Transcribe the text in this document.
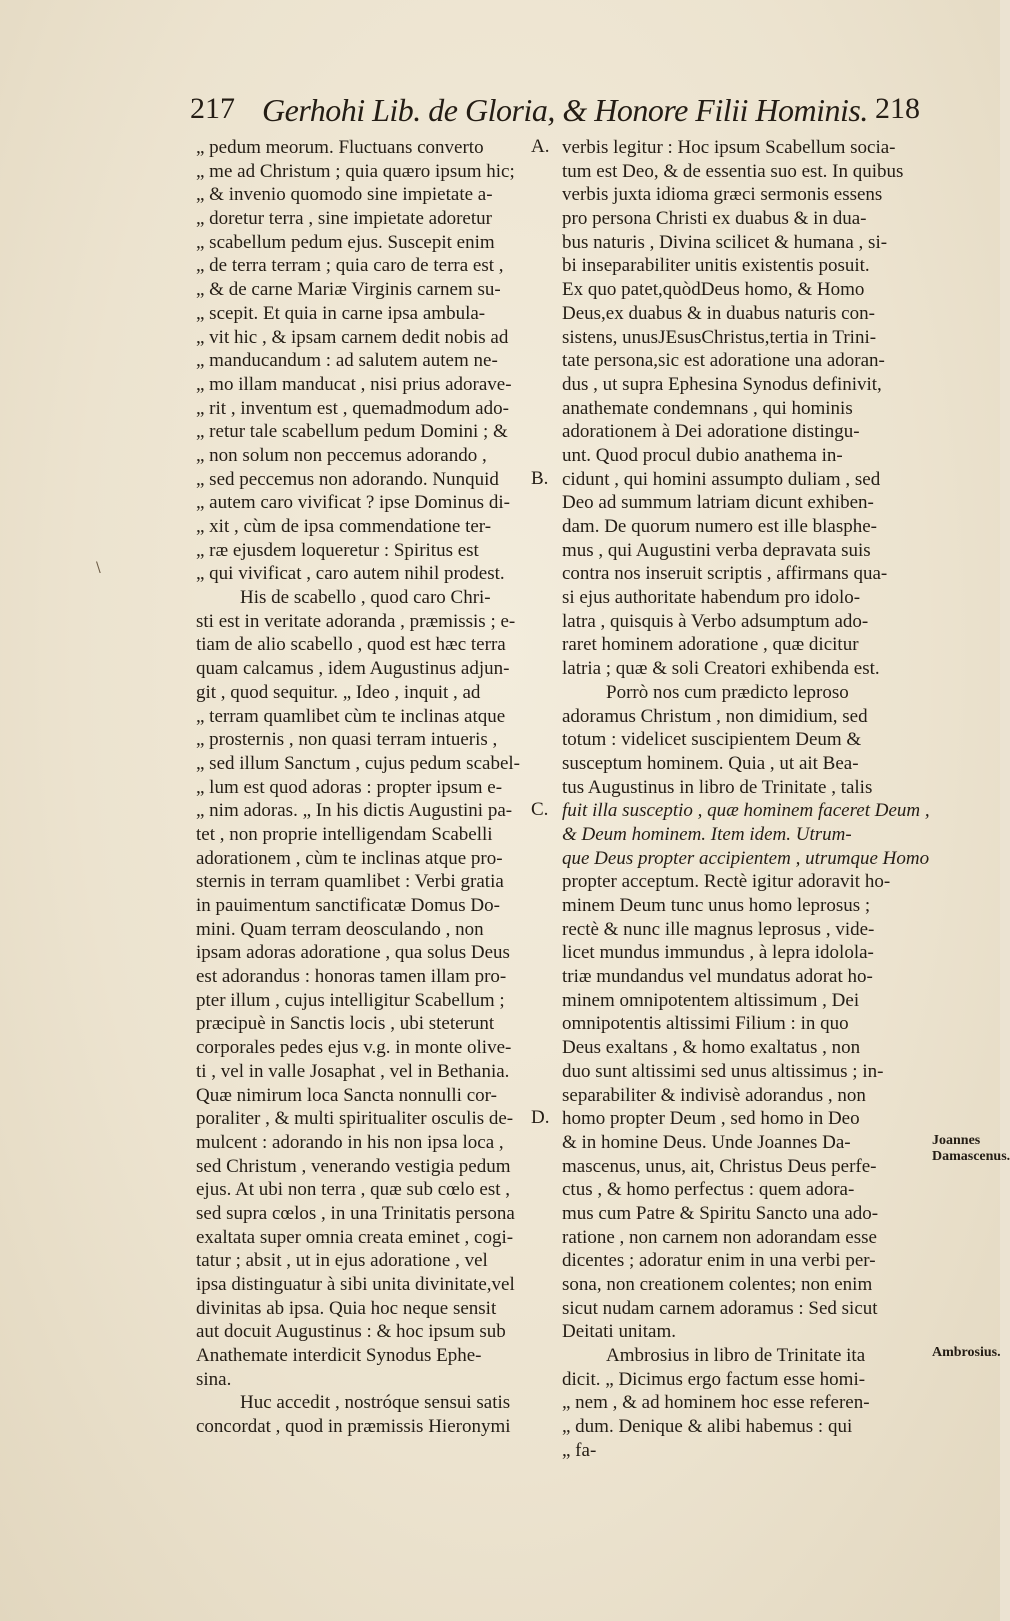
217 Gerhohi Lib. de Gloria, & Honore Filii Hominis. 218
„ pedum meorum. Fluctuans converto
„ me ad Christum ; quia quæro ipsum hic;
„ & invenio quomodo sine impietate a-
„ doretur terra , sine impietate adoretur
„ scabellum pedum ejus. Suscepit enim
„ de terra terram ; quia caro de terra est ,
„ & de carne Mariæ Virginis carnem su-
„ scepit. Et quia in carne ipsa ambula-
„ vit hic , & ipsam carnem dedit nobis ad
„ manducandum : ad salutem autem ne-
„ mo illam manducat , nisi prius adorave-
„ rit , inventum est , quemadmodum ado-
„ retur tale scabellum pedum Domini ; &
„ non solum non peccemus adorando ,
„ sed peccemus non adorando. Nunquid
„ autem caro vivificat ? ipse Dominus di-
„ xit , cùm de ipsa commendatione ter-
„ ræ ejusdem loqueretur : Spiritus est
„ qui vivificat , caro autem nihil prodest.
His de scabello , quod caro Chri-
sti est in veritate adoranda , præmissis ; e-
tiam de alio scabello , quod est hæc terra
quam calcamus , idem Augustinus adjun-
git , quod sequitur. „ Ideo , inquit , ad
„ terram quamlibet cùm te inclinas atque
„ prosternis , non quasi terram intueris ,
„ sed illum Sanctum , cujus pedum scabel-
„ lum est quod adoras : propter ipsum e-
„ nim adoras. „ In his dictis Augustini pa-
tet , non proprie intelligendam Scabelli
adorationem , cùm te inclinas atque pro-
sternis in terram quamlibet : Verbi gratia
in pauimentum sanctificatæ Domus Do-
mini. Quam terram deosculando , non
ipsam adoras adoratione , qua solus Deus
est adorandus : honoras tamen illam pro-
pter illum , cujus intelligitur Scabellum ;
præcipuè in Sanctis locis , ubi steterunt
corporales pedes ejus v.g. in monte olive-
ti , vel in valle Josaphat , vel in Bethania.
Quæ nimirum loca Sancta nonnulli cor-
poraliter , & multi spiritualiter osculis de-
mulcent : adorando in his non ipsa loca ,
sed Christum , venerando vestigia pedum
ejus. At ubi non terra , quæ sub cœlo est ,
sed supra cœlos , in una Trinitatis persona
exaltata super omnia creata eminet , cogi-
tatur ; absit , ut in ejus adoratione , vel
ipsa distinguatur à sibi unita divinitate,vel
divinitas ab ipsa. Quia hoc neque sensit
aut docuit Augustinus : & hoc ipsum sub
Anathemate interdicit Synodus Ephe-
sina.
Huc accedit , nostróque sensui satis
concordat , quod in præmissis Hieronymi
verbis legitur : Hoc ipsum Scabellum socia-
tum est Deo, & de essentia suo est. In quibus
verbis juxta idioma græci sermonis essens
pro persona Christi ex duabus & in dua-
bus naturis , Divina scilicet & humana , si-
bi inseparabiliter unitis existentis posuit.
Ex quo patet,quòdDeus homo, & Homo
Deus,ex duabus & in duabus naturis con-
sistens, unusJEsusChristus,tertia in Trini-
tate persona,sic est adoratione una adoran-
dus , ut supra Ephesina Synodus definivit,
anathemate condemnans , qui hominis
adorationem à Dei adoratione distingu-
unt. Quod procul dubio anathema in-
cidunt , qui homini assumpto duliam , sed
Deo ad summum latriam dicunt exhiben-
dam. De quorum numero est ille blasphe-
mus , qui Augustini verba depravata suis
contra nos inseruit scriptis , affirmans qua-
si ejus authoritate habendum pro idolo-
latra , quisquis à Verbo adsumptum ado-
raret hominem adoratione , quæ dicitur
latria ; quæ & soli Creatori exhibenda est.
Porrò nos cum prædicto leproso
adoramus Christum , non dimidium, sed
totum : videlicet suscipientem Deum &
susceptum hominem. Quia , ut ait Bea-
tus Augustinus in libro de Trinitate , talis
fuit illa susceptio , quæ hominem faceret Deum ,
& Deum hominem. Item idem. Utrum-
que Deus propter accipientem , utrumque Homo
propter acceptum. Rectè igitur adoravit ho-
minem Deum tunc unus homo leprosus ;
rectè & nunc ille magnus leprosus , vide-
licet mundus immundus , à lepra idolola-
triæ mundandus vel mundatus adorat ho-
minem omnipotentem altissimum , Dei
omnipotentis altissimi Filium : in quo
Deus exaltans , & homo exaltatus , non
duo sunt altissimi sed unus altissimus ; in-
separabiliter & indivisè adorandus , non
homo propter Deum , sed homo in Deo
& in homine Deus. Unde Joannes Da-
mascenus, unus, ait, Christus Deus perfe-
ctus , & homo perfectus : quem adora-
mus cum Patre & Spiritu Sancto una ado-
ratione , non carnem non adorandam esse
dicentes ; adoratur enim in una verbi per-
sona, non creationem colentes; non enim
sicut nudam carnem adoramus : Sed sicut
Deitati unitam.
Ambrosius in libro de Trinitate ita
dicit. „ Dicimus ergo factum esse homi-
„ nem , & ad hominem hoc esse referen-
„ dum. Denique & alibi habemus : qui
„ fa-
A.
B.
C.
D.
Joannes Damascenus.
Ambrosius.
\
